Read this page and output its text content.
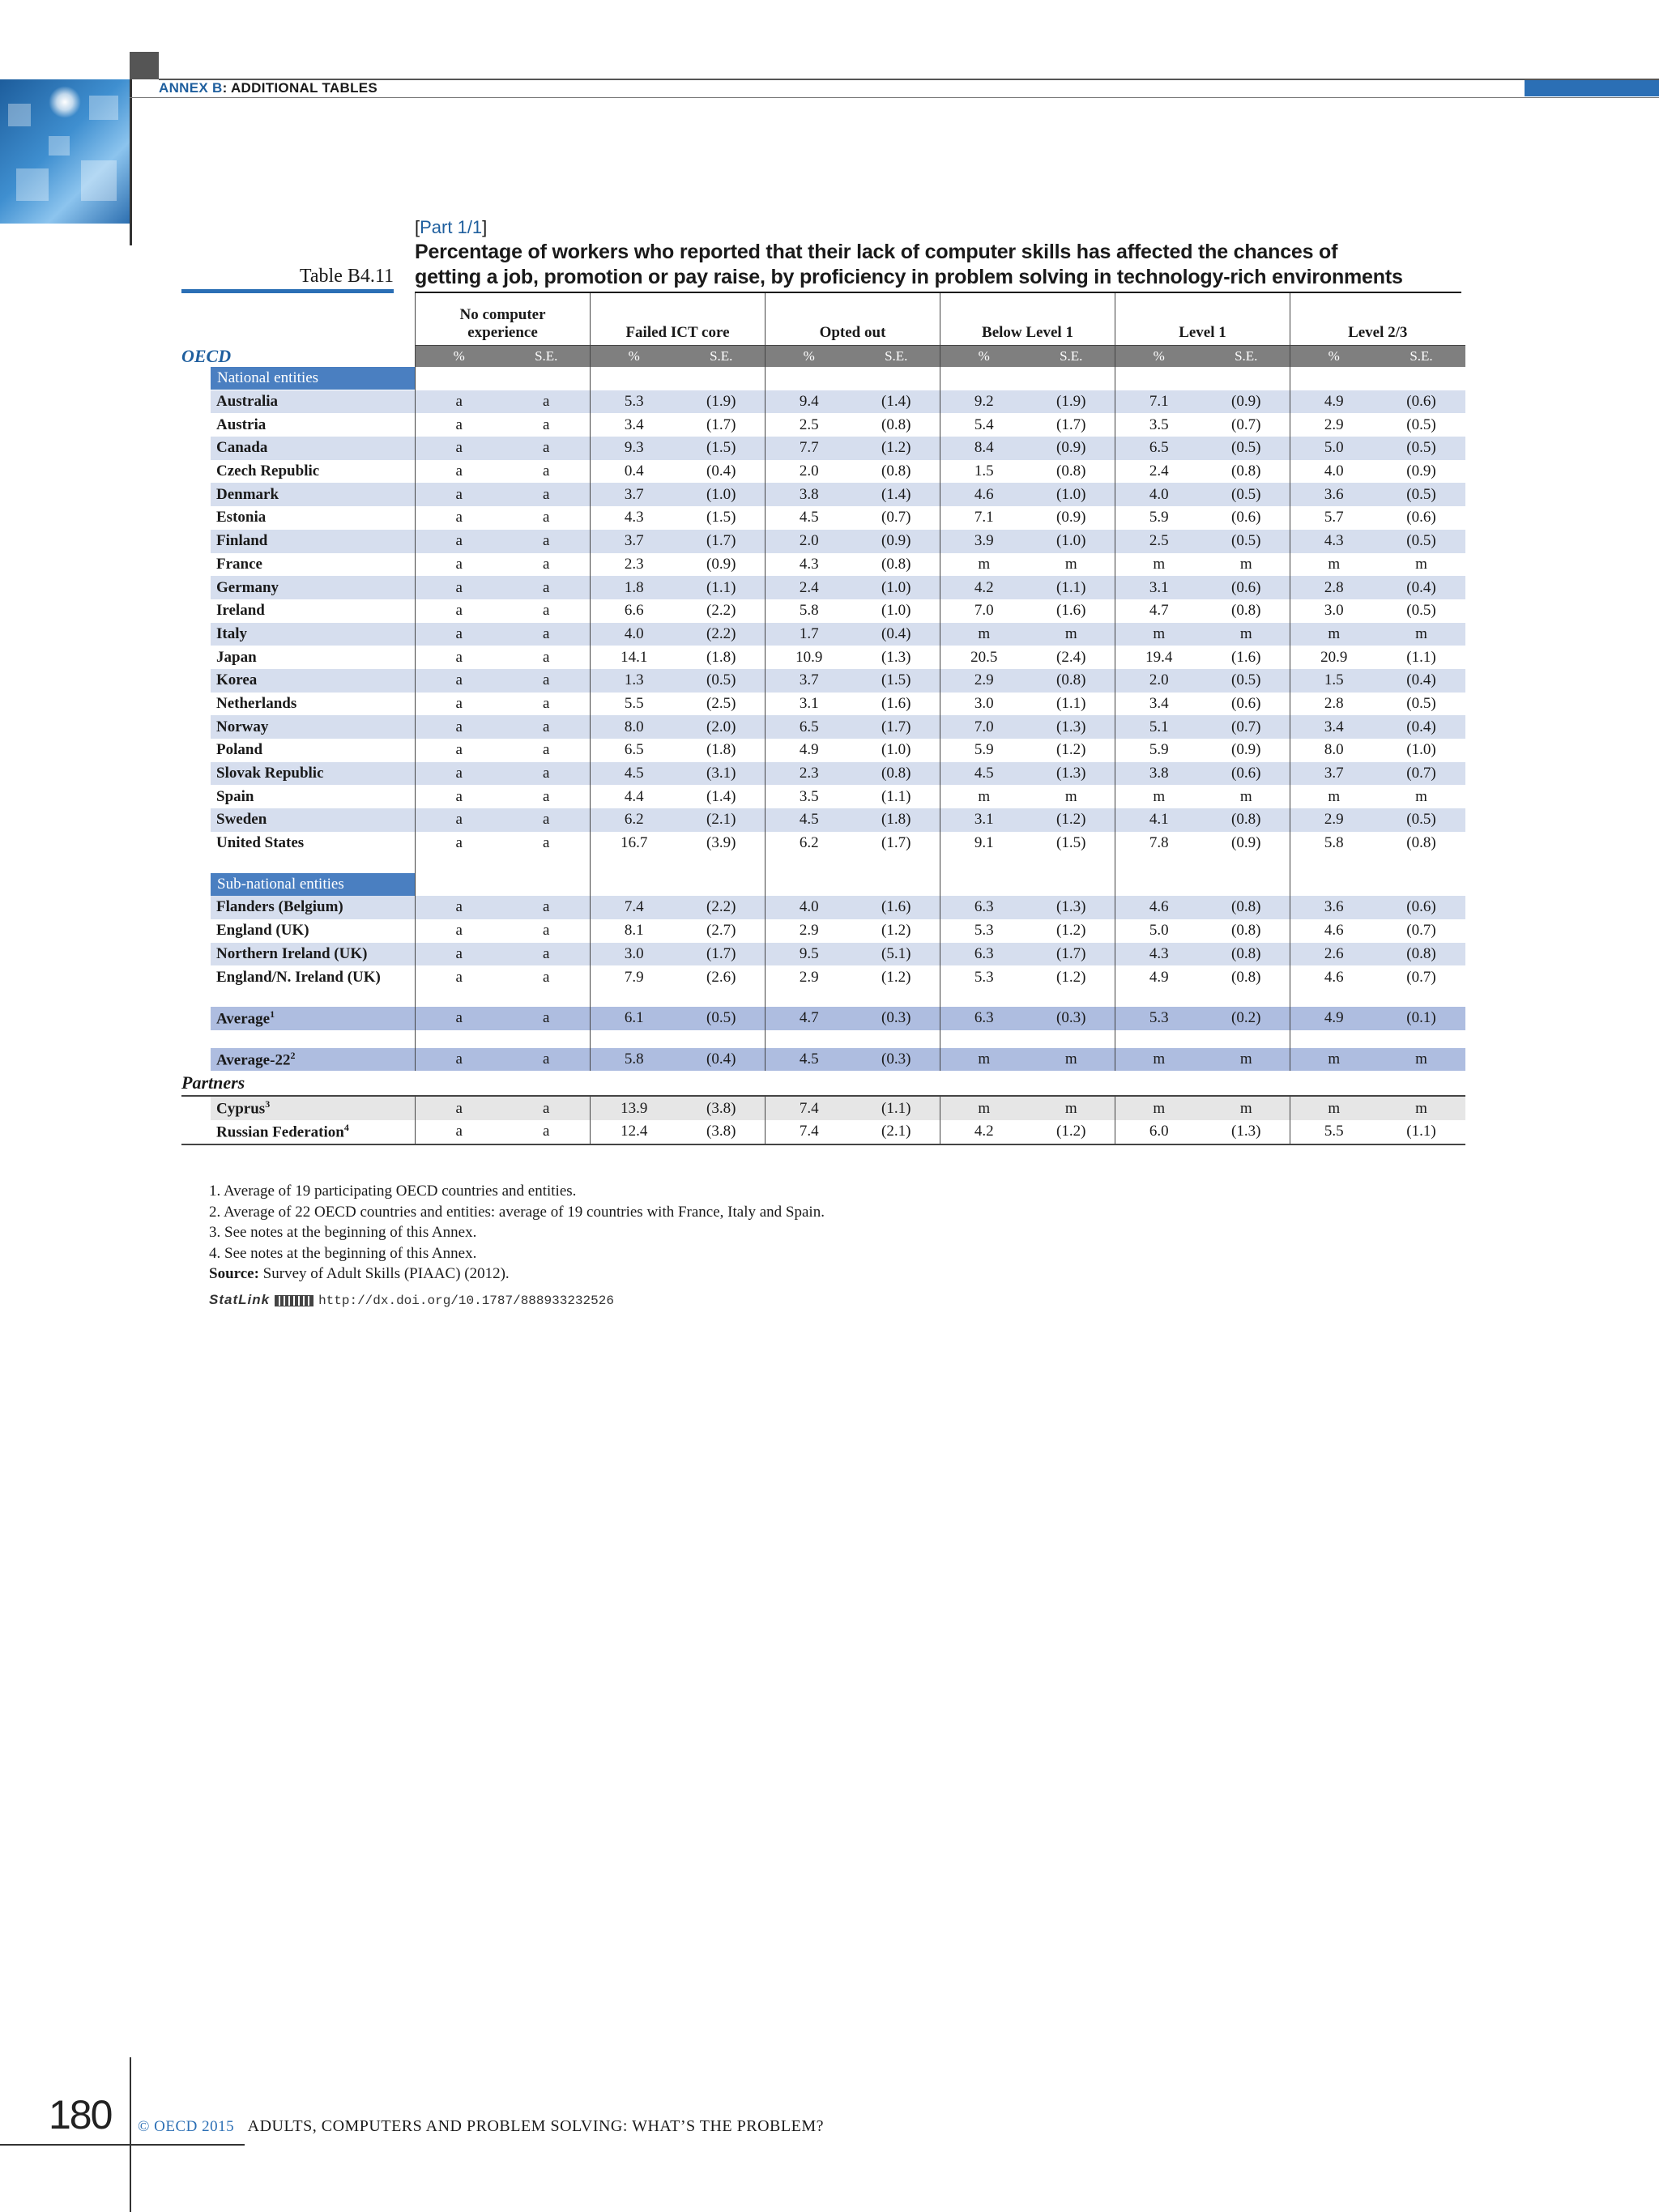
ANNEX B: ADDITIONAL TABLES
[Part 1/1]
Percentage of workers who reported that their lack of computer skills has affected the chances of
getting a job, promotion or pay raise, by proficiency in problem solving in technology-rich environments
Table B4.11
	No computer
experience		Failed ICT core		Opted out		Below Level 1		Level 1		Level 2/3	
OECD	%	S.E.	%	S.E.	%	S.E.	%	S.E.	%	S.E.	%	S.E.
National entities												
Australia	a	a	5.3	(1.9)	9.4	(1.4)	9.2	(1.9)	7.1	(0.9)	4.9	(0.6)
Austria	a	a	3.4	(1.7)	2.5	(0.8)	5.4	(1.7)	3.5	(0.7)	2.9	(0.5)
Canada	a	a	9.3	(1.5)	7.7	(1.2)	8.4	(0.9)	6.5	(0.5)	5.0	(0.5)
Czech Republic	a	a	0.4	(0.4)	2.0	(0.8)	1.5	(0.8)	2.4	(0.8)	4.0	(0.9)
Denmark	a	a	3.7	(1.0)	3.8	(1.4)	4.6	(1.0)	4.0	(0.5)	3.6	(0.5)
Estonia	a	a	4.3	(1.5)	4.5	(0.7)	7.1	(0.9)	5.9	(0.6)	5.7	(0.6)
Finland	a	a	3.7	(1.7)	2.0	(0.9)	3.9	(1.0)	2.5	(0.5)	4.3	(0.5)
France	a	a	2.3	(0.9)	4.3	(0.8)	m	m	m	m	m	m
Germany	a	a	1.8	(1.1)	2.4	(1.0)	4.2	(1.1)	3.1	(0.6)	2.8	(0.4)
Ireland	a	a	6.6	(2.2)	5.8	(1.0)	7.0	(1.6)	4.7	(0.8)	3.0	(0.5)
Italy	a	a	4.0	(2.2)	1.7	(0.4)	m	m	m	m	m	m
Japan	a	a	14.1	(1.8)	10.9	(1.3)	20.5	(2.4)	19.4	(1.6)	20.9	(1.1)
Korea	a	a	1.3	(0.5)	3.7	(1.5)	2.9	(0.8)	2.0	(0.5)	1.5	(0.4)
Netherlands	a	a	5.5	(2.5)	3.1	(1.6)	3.0	(1.1)	3.4	(0.6)	2.8	(0.5)
Norway	a	a	8.0	(2.0)	6.5	(1.7)	7.0	(1.3)	5.1	(0.7)	3.4	(0.4)
Poland	a	a	6.5	(1.8)	4.9	(1.0)	5.9	(1.2)	5.9	(0.9)	8.0	(1.0)
Slovak Republic	a	a	4.5	(3.1)	2.3	(0.8)	4.5	(1.3)	3.8	(0.6)	3.7	(0.7)
Spain	a	a	4.4	(1.4)	3.5	(1.1)	m	m	m	m	m	m
Sweden	a	a	6.2	(2.1)	4.5	(1.8)	3.1	(1.2)	4.1	(0.8)	2.9	(0.5)
United States	a	a	16.7	(3.9)	6.2	(1.7)	9.1	(1.5)	7.8	(0.9)	5.8	(0.8)

Sub-national entities												
Flanders (Belgium)	a	a	7.4	(2.2)	4.0	(1.6)	6.3	(1.3)	4.6	(0.8)	3.6	(0.6)
England (UK)	a	a	8.1	(2.7)	2.9	(1.2)	5.3	(1.2)	5.0	(0.8)	4.6	(0.7)
Northern Ireland (UK)	a	a	3.0	(1.7)	9.5	(5.1)	6.3	(1.7)	4.3	(0.8)	2.6	(0.8)
England/N. Ireland (UK)	a	a	7.9	(2.6)	2.9	(1.2)	5.3	(1.2)	4.9	(0.8)	4.6	(0.7)

Average$^1$	a	a	6.1	(0.5)	4.7	(0.3)	6.3	(0.3)	5.3	(0.2)	4.9	(0.1)

Average-$22^2$	a	a	5.8	(0.4)	4.5	(0.3)	m	m	m	m	m	m
Partners												
Cyprus$^3$	a	a	13.9	(3.8)	7.4	(1.1)	m	m	m	m	m	m
Russian Federation$^4$	a	a	12.4	(3.8)	7.4	(2.1)	4.2	(1.2)	6.0	(1.3)	5.5	(1.1)
1. Average of 19 participating OECD countries and entities.
2. Average of 22 OECD countries and entities: average of 19 countries with France, Italy and Spain.
3. See notes at the beginning of this Annex.
4. See notes at the beginning of this Annex.
Source: Survey of Adult Skills (PIAAC) (2012).
StatLink	http://dx.doi.org/10.1787/888933232526
180 © OECD 2015 ADULTS, COMPUTERS AND PROBLEM SOLVING: WHAT’S THE PROBLEM?
